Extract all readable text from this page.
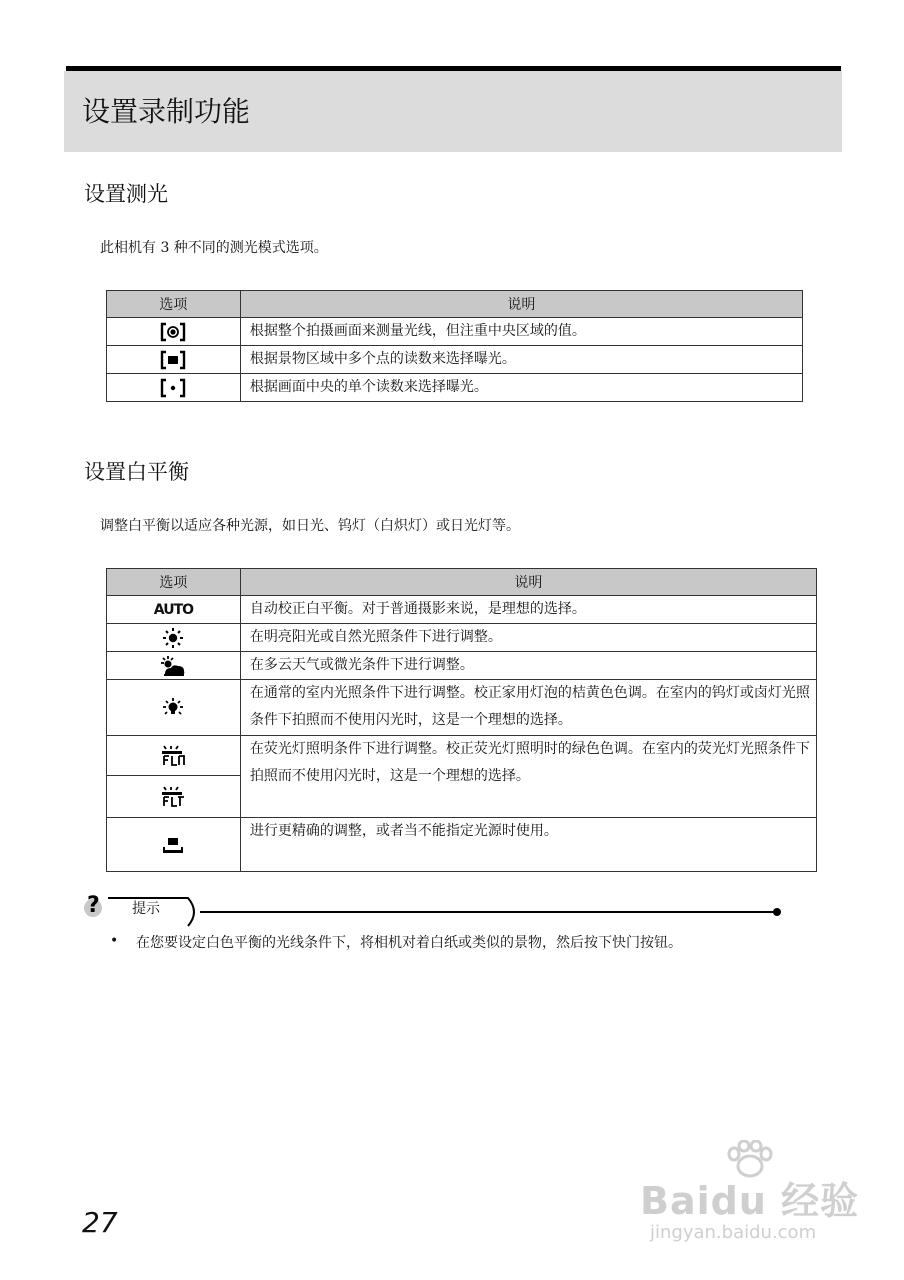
设置录制功能
设置测光
此相机有 3 种不同的测光模式选项。
选项	说明
	根据整个拍摄画面来测量光线，但注重中央区域的值。
	根据景物区域中多个点的读数来选择曝光。
	根据画面中央的单个读数来选择曝光。
设置白平衡
调整白平衡以适应各种光源，如日光、钨灯（白炽灯）或日光灯等。
选项	说明
AUTO	自动校正白平衡。对于普通摄影来说，是理想的选择。
	在明亮阳光或自然光照条件下进行调整。
	在多云天气或微光条件下进行调整。
	在通常的室内光照条件下进行调整。校正家用灯泡的桔黄色色调。在室内的钨灯或卤灯光照条件下拍照而不使用闪光时，这是一个理想的选择。
	在荧光灯照明条件下进行调整。校正荧光灯照明时的绿色色调。在室内的荧光灯光照条件下拍照而不使用闪光时，这是一个理想的选择。

	进行更精确的调整，或者当不能指定光源时使用。
? 提示
• 在您要设定白色平衡的光线条件下，将相机对着白纸或类似的景物，然后按下快门按钮。
27	Baidu 经验
jingyan.baidu.com
